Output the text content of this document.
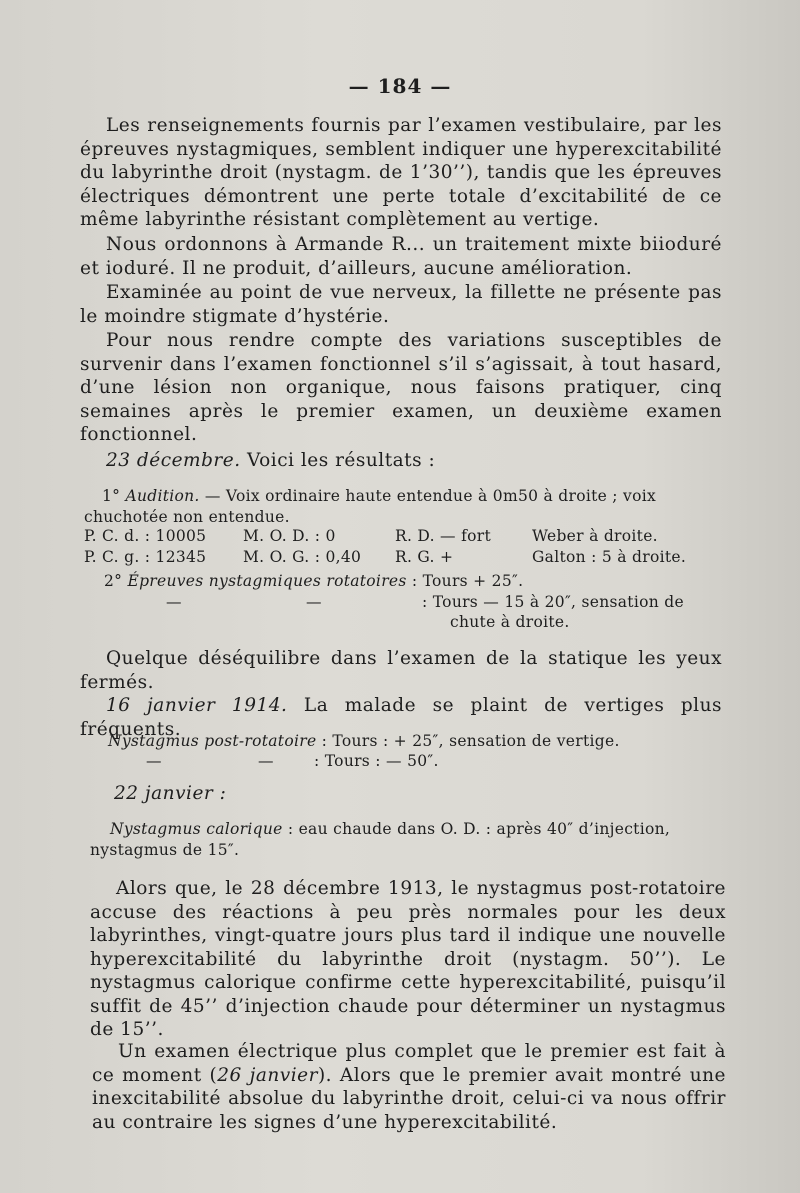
— 184 —

Les renseignements fournis par l’examen vestibulaire, par les épreuves nystagmiques, semblent indiquer une hyperexcitabilité du labyrinthe droit (nystagm. de 1’30’’), tandis que les épreuves électriques démontrent une perte totale d’excitabilité de ce même labyrinthe résistant complètement au vertige.

Nous ordonnons à Armande R... un traitement mixte biioduré et ioduré. Il ne produit, d’ailleurs, aucune amélioration.

Examinée au point de vue nerveux, la fillette ne présente pas le moindre stigmate d’hystérie.

Pour nous rendre compte des variations susceptibles de survenir dans l’examen fonctionnel s’il s’agissait, à tout hasard, d’une lésion non organique, nous faisons pratiquer, cinq semaines après le premier examen, un deuxième examen fonctionnel.

23 décembre. Voici les résultats :

1° Audition. — Voix ordinaire haute entendue à 0m50 à droite ; voix chuchotée non entendue.

P. C. d. : 10005 M. O. D. : 0	R. D. — fort	Weber à droite.
P. C. g. : 12345 M. O. G. : 0,40 R. G. +	Galton : 5 à droite.
2° Épreuves nystagmiques rotatoires : Tours + 25″.
—	—	: Tours — 15 à 20″, sensation de
chute à droite.

Quelque déséquilibre dans l’examen de la statique les yeux fermés.

16 janvier 1914. La malade se plaint de vertiges plus fréquents.

Nystagmus post-rotatoire : Tours : + 25″, sensation de vertige.
—	—	: Tours : — 50″.

22 janvier :

Nystagmus calorique : eau chaude dans O. D. : après 40″ d’injection, nystagmus de 15″.

Alors que, le 28 décembre 1913, le nystagmus post-rotatoire accuse des réactions à peu près normales pour les deux labyrinthes, vingt-quatre jours plus tard il indique une nouvelle hyperexcitabilité du labyrinthe droit (nystagm. 50’’). Le nystagmus calorique confirme cette hyperexcitabilité, puisqu’il suffit de 45’’ d’injection chaude pour déterminer un nystagmus de 15’’.

Un examen électrique plus complet que le premier est fait à ce moment (26 janvier). Alors que le premier avait montré une inexcitabilité absolue du labyrinthe droit, celui-ci va nous offrir au contraire les signes d’une hyperexcitabilité.
